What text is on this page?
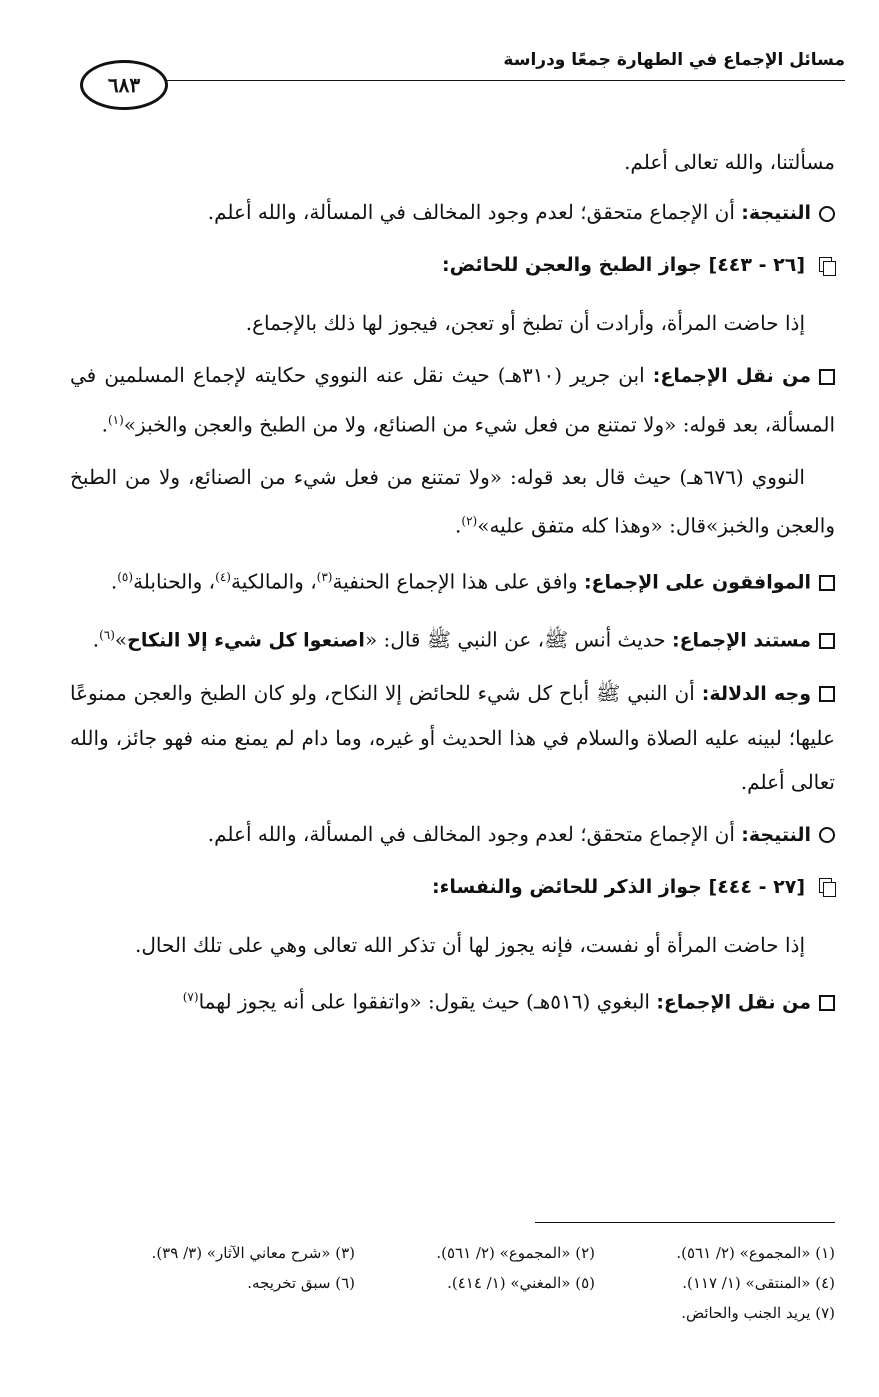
مسائل الإجماع في الطهارة جمعًا ودراسة
٦٨٣

مسألتنا، والله تعالى أعلم.

النتيجة: أن الإجماع متحقق؛ لعدم وجود المخالف في المسألة، والله أعلم.

[٢٦ - ٤٤٣] جواز الطبخ والعجن للحائض:

إذا حاضت المرأة، وأرادت أن تطبخ أو تعجن، فيجوز لها ذلك بالإجماع.

من نقل الإجماع: ابن جرير (٣١٠هـ) حيث نقل عنه النووي حكايته لإجماع المسلمين في المسألة، بعد قوله: «ولا تمتنع من فعل شيء من الصنائع، ولا من الطبخ والعجن والخبز»$^{(١)}$.

النووي (٦٧٦هـ) حيث قال بعد قوله: «ولا تمتنع من فعل شيء من الصنائع، ولا من الطبخ والعجن والخبز»قال: «وهذا كله متفق عليه»$^{(٢)}$.

الموافقون على الإجماع: وافق على هذا الإجماع الحنفية$^{(٣)}$، والمالكية$^{(٤)}$، والحنابلة$^{(٥)}$.

مستند الإجماع: حديث أنس ﷺ، عن النبي ﷺ قال: «اصنعوا كل شيء إلا النكاح»$^{(٦)}$.

وجه الدلالة: أن النبي ﷺ أباح كل شيء للحائض إلا النكاح، ولو كان الطبخ والعجن ممنوعًا عليها؛ لبينه عليه الصلاة والسلام في هذا الحديث أو غيره، وما دام لم يمنع منه فهو جائز، والله تعالى أعلم.

النتيجة: أن الإجماع متحقق؛ لعدم وجود المخالف في المسألة، والله أعلم.

[٢٧ - ٤٤٤] جواز الذكر للحائض والنفساء:

إذا حاضت المرأة أو نفست، فإنه يجوز لها أن تذكر الله تعالى وهي على تلك الحال.

من نقل الإجماع: البغوي (٥١٦هـ) حيث يقول: «واتفقوا على أنه يجوز لهما$^{(٧)}$

(١) «المجموع» (٢/ ٥٦١).
(٢) «المجموع» (٢/ ٥٦١).
(٣) «شرح معاني الآثار» (٣/ ٣٩).
(٤) «المنتقى» (١/ ١١٧).
(٥) «المغني» (١/ ٤١٤).
(٦) سبق تخريجه.
(٧) يريد الجنب والحائض.
